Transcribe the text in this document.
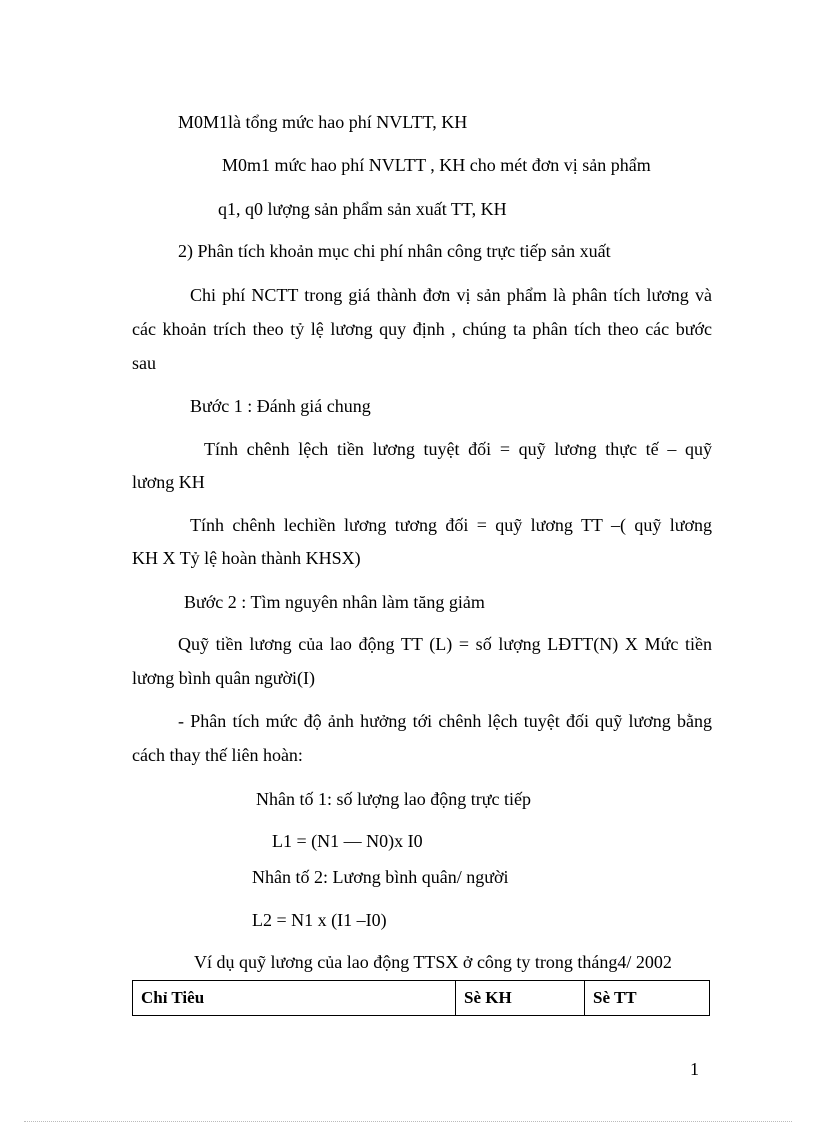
M0M1là tổng mức hao phí NVLTT, KH
M0m1 mức hao phí NVLTT , KH cho mét đơn vị sản phẩm
q1, q0 lượng sản phẩm sản xuất TT, KH
2) Phân tích khoản mục chi phí nhân công trực tiếp sản xuất
Chi phí NCTT trong giá thành đơn vị sản phẩm là phân tích lương và
các khoản trích theo tỷ lệ lương quy định , chúng ta phân tích theo các bước
sau
Bước 1 : Đánh giá chung
Tính chênh lệch tiền lương tuyệt đối = quỹ lương thực tế – quỹ
lương KH
Tính chênh lechiền lương tương đối = quỹ lương TT –( quỹ lương
KH X Tỷ lệ hoàn thành KHSX)
Bước 2 : Tìm nguyên nhân làm tăng giảm
Quỹ tiền lương của lao động TT (L) = số lượng LĐTT(N) X Mức tiền
lương bình quân người(I)
- Phân tích mức độ ảnh hưởng tới chênh lệch tuyệt đối quỹ lương bằng
cách thay thế liên hoàn:
Nhân tố 1: số lượng lao động trực tiếp
L1 = (N1 — N0)x I0
Nhân tố 2: Lương bình quân/ người
L2 = N1 x (I1 –I0)
Ví dụ quỹ lương của lao động TTSX ở công ty trong tháng4/ 2002
Chỉ Tiêu	Sè KH	Sè TT
1
